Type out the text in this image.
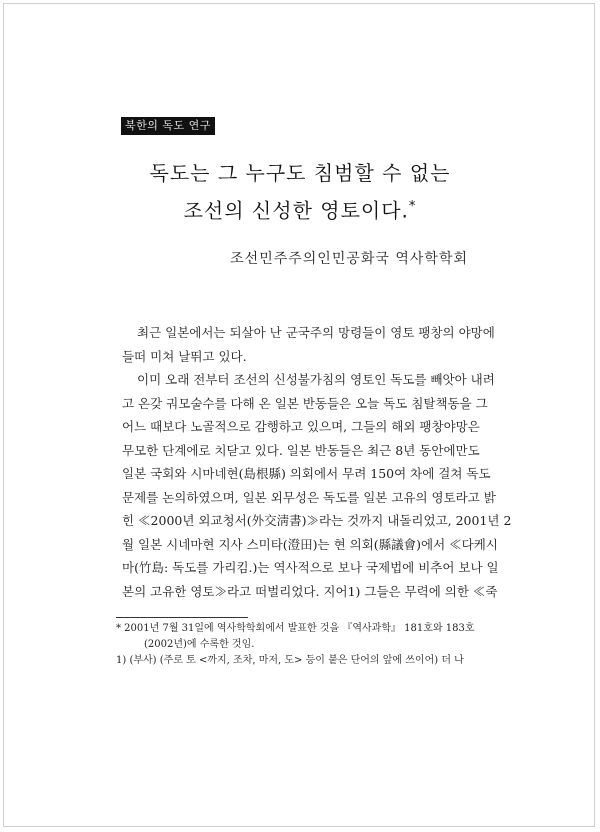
북한의 독도 연구
독도는 그 누구도 침범할 수 없는
조선의 신성한 영토이다.*
조선민주주의인민공화국 역사학학회
최근 일본에서는 되살아 난 군국주의 망령들이 영토 팽창의 야망에
들떠 미쳐 날뛰고 있다.
이미 오래 전부터 조선의 신성불가침의 영토인 독도를 빼앗아 내려
고 온갖 궈모술수를 다해 온 일본 반동들은 오늘 독도 침탈책동을 그
어느 때보다 노골적으로 감행하고 있으며, 그들의 해외 팽창야망은
무모한 단계에로 치닫고 있다. 일본 반동들은 최근 8년 동안에만도
일본 국회와 시마네현(島根縣) 의회에서 무려 150여 차에 걸쳐 독도
문제를 논의하였으며, 일본 외무성은 독도를 일본 고유의 영토라고 밝
힌 ≪2000년 외교청서(外交淸書)≫라는 것까지 내돌리었고, 2001년 2
월 일본 시네마현 지사 스미타(澄田)는 현 의회(縣議會)에서 ≪다케시
마(竹島: 독도를 가리킴.)는 역사적으로 보나 국제법에 비추어 보나 일
본의 고유한 영토≫라고 떠벌리었다. 지어1) 그들은 무력에 의한 ≪죽
* 2001년 7월 31일에 역사학학회에서 발표한 것을 『역사과학』 181호와 183호
(2002년)에 수록한 것임.
1) (부사) (주로 토 <까지, 조차, 마저, 도> 등이 붙은 단어의 앞에 쓰이어) 더 나
